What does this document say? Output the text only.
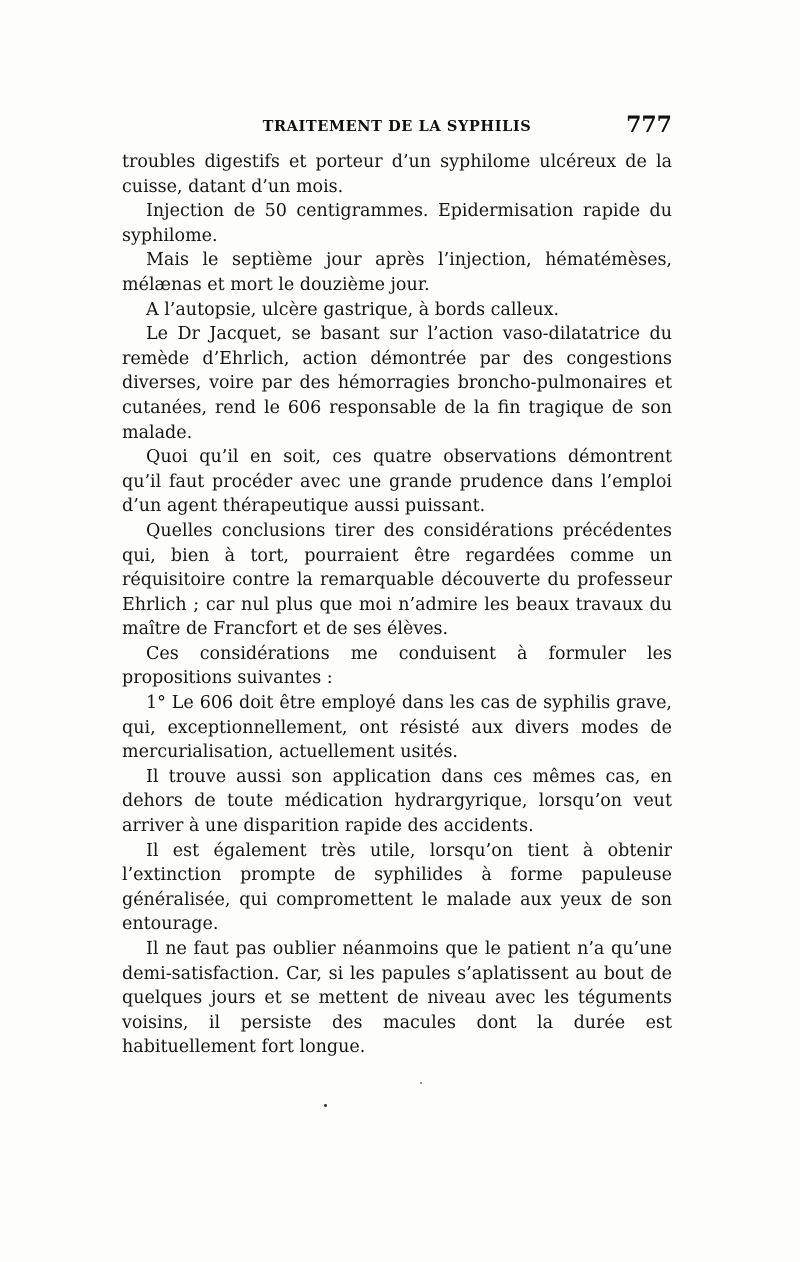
TRAITEMENT DE LA SYPHILIS	777

troubles digestifs et porteur d’un syphilome ulcéreux de la cuisse, datant d’un mois.

Injection de 50 centigrammes. Epidermisation rapide du syphilome.

Mais le septième jour après l’injection, hématémèses, mélænas et mort le douzième jour.

A l’autopsie, ulcère gastrique, à bords calleux.

Le Dr Jacquet, se basant sur l’action vaso-dilatatrice du remède d’Ehrlich, action démontrée par des congestions diverses, voire par des hémorragies broncho-pulmonaires et cutanées, rend le 606 responsable de la fin tragique de son malade.

Quoi qu’il en soit, ces quatre observations démontrent qu’il faut procéder avec une grande prudence dans l’emploi d’un agent thérapeutique aussi puissant.

Quelles conclusions tirer des considérations précédentes qui, bien à tort, pourraient être regardées comme un réquisitoire contre la remarquable découverte du professeur Ehrlich ; car nul plus que moi n’admire les beaux travaux du maître de Francfort et de ses élèves.

Ces considérations me conduisent à formuler les propositions suivantes :

1° Le 606 doit être employé dans les cas de syphilis grave, qui, exceptionnellement, ont résisté aux divers modes de mercurialisation, actuellement usités.

Il trouve aussi son application dans ces mêmes cas, en dehors de toute médication hydrargyrique, lorsqu’on veut arriver à une disparition rapide des accidents.

Il est également très utile, lorsqu’on tient à obtenir l’extinction prompte de syphilides à forme papuleuse généralisée, qui compromettent le malade aux yeux de son entourage.

Il ne faut pas oublier néanmoins que le patient n’a qu’une demi-satisfaction. Car, si les papules s’aplatissent au bout de quelques jours et se mettent de niveau avec les téguments voisins, il persiste des macules dont la durée est habituellement fort longue.
